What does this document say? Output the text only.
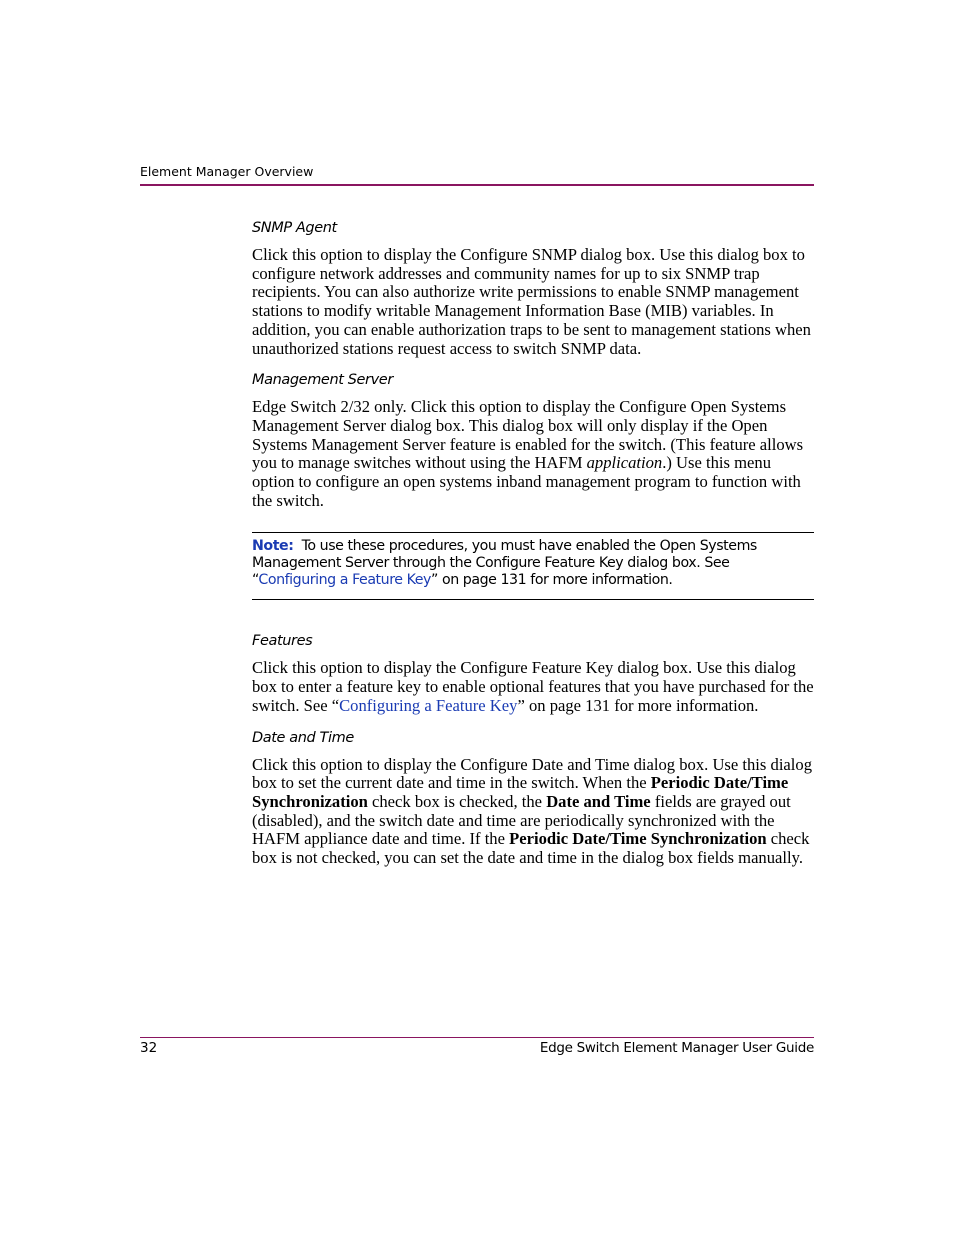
Element Manager Overview
SNMP Agent

Click this option to display the Configure SNMP dialog box. Use this dialog box to configure network addresses and community names for up to six SNMP trap recipients. You can also authorize write permissions to enable SNMP management stations to modify writable Management Information Base (MIB) variables. In addition, you can enable authorization traps to be sent to management stations when unauthorized stations request access to switch SNMP data.

Management Server

Edge Switch 2/32 only. Click this option to display the Configure Open Systems Management Server dialog box. This dialog box will only display if the Open Systems Management Server feature is enabled for the switch. (This feature allows you to manage switches without using the HAFM application.) Use this menu option to configure an open systems inband management program to function with the switch.

Note: To use these procedures, you must have enabled the Open Systems Management Server through the Configure Feature Key dialog box. See “Configuring a Feature Key” on page 131 for more information.
Features

Click this option to display the Configure Feature Key dialog box. Use this dialog box to enter a feature key to enable optional features that you have purchased for the switch. See “Configuring a Feature Key” on page 131 for more information.

Date and Time

Click this option to display the Configure Date and Time dialog box. Use this dialog box to set the current date and time in the switch. When the Periodic Date/Time Synchronization check box is checked, the Date and Time fields are grayed out (disabled), and the switch date and time are periodically synchronized with the HAFM appliance date and time. If the Periodic Date/Time Synchronization check box is not checked, you can set the date and time in the dialog box fields manually.

32	Edge Switch Element Manager User Guide
